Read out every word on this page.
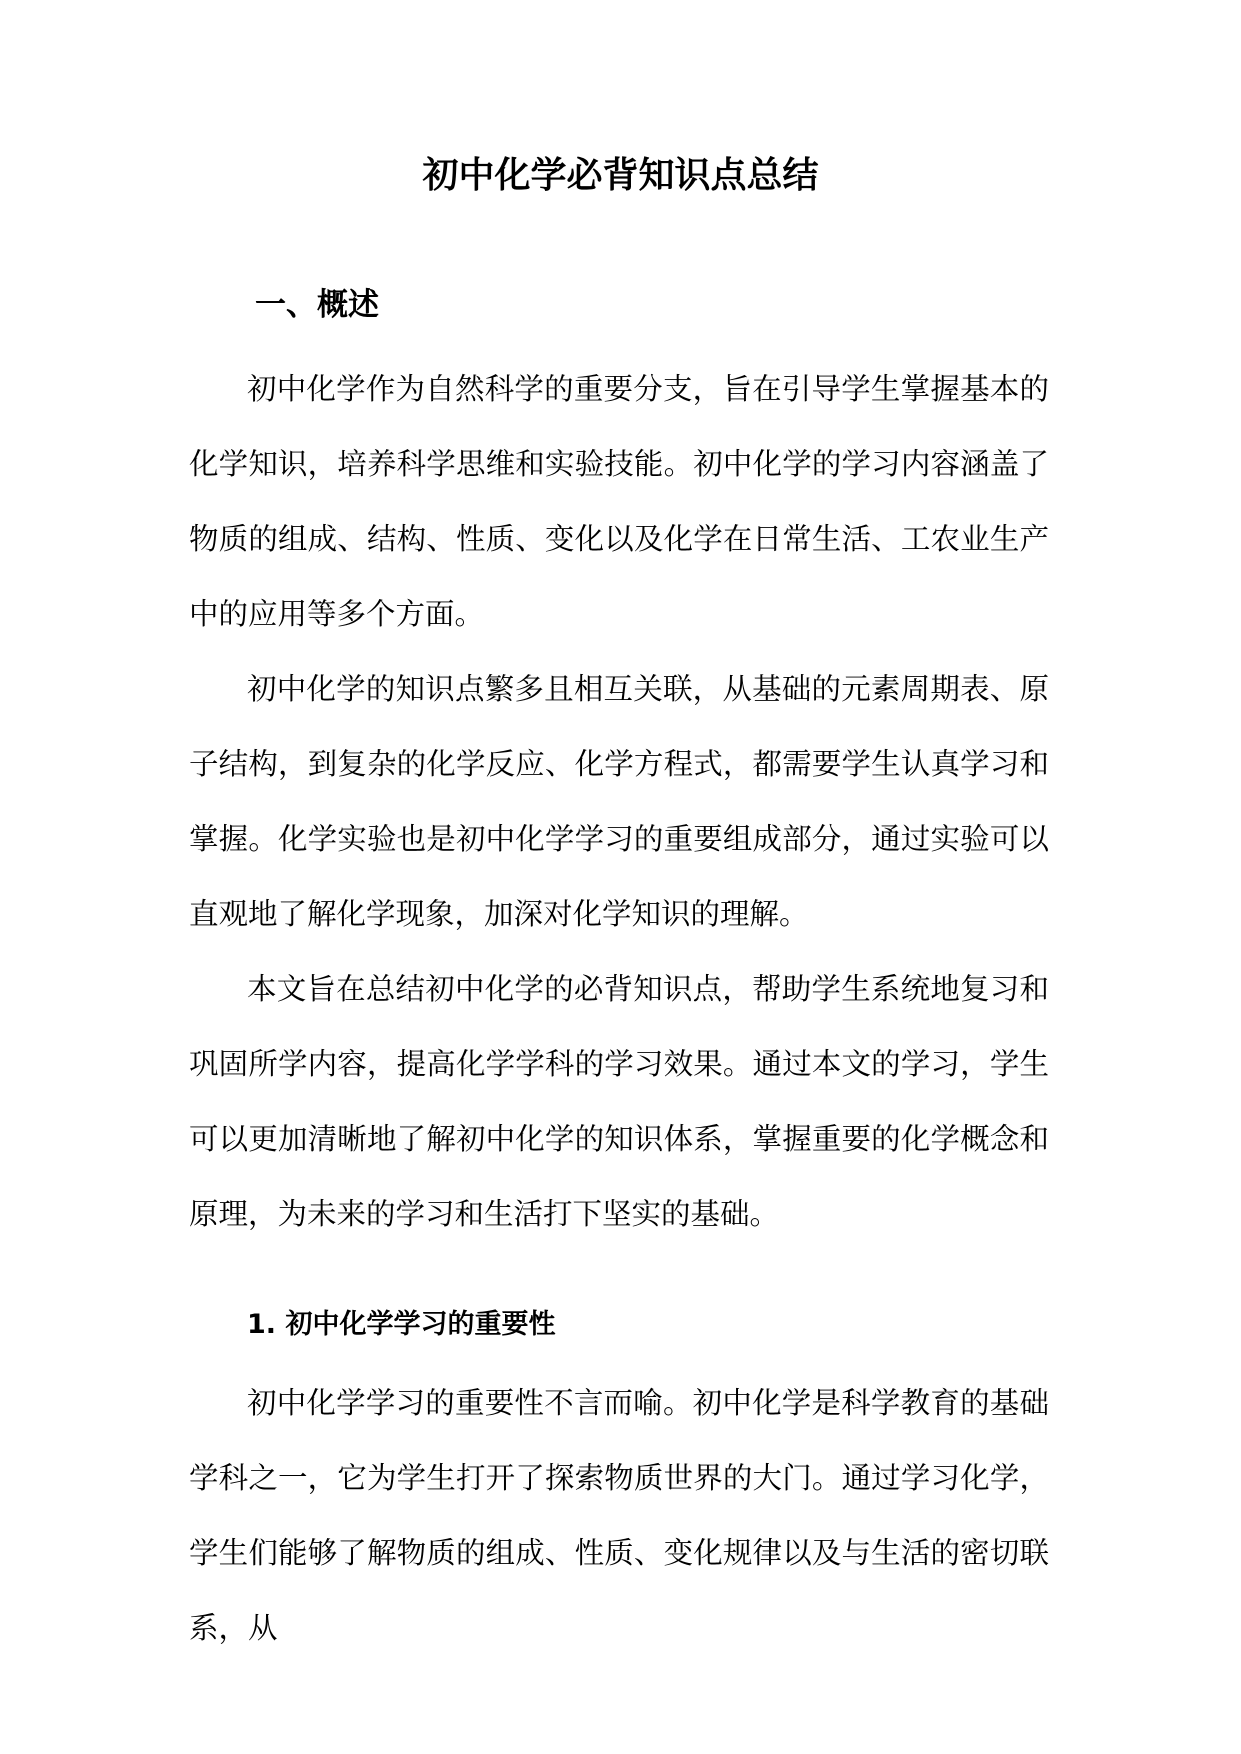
初中化学必背知识点总结
一、概述

初中化学作为自然科学的重要分支，旨在引导学生掌握基本的化学知识，培养科学思维和实验技能。初中化学的学习内容涵盖了物质的组成、结构、性质、变化以及化学在日常生活、工农业生产中的应用等多个方面。

初中化学的知识点繁多且相互关联，从基础的元素周期表、原子结构，到复杂的化学反应、化学方程式，都需要学生认真学习和掌握。化学实验也是初中化学学习的重要组成部分，通过实验可以直观地了解化学现象，加深对化学知识的理解。

本文旨在总结初中化学的必背知识点，帮助学生系统地复习和巩固所学内容，提高化学学科的学习效果。通过本文的学习，学生可以更加清晰地了解初中化学的知识体系，掌握重要的化学概念和原理，为未来的学习和生活打下坚实的基础。

1. 初中化学学习的重要性

初中化学学习的重要性不言而喻。初中化学是科学教育的基础学科之一，它为学生打开了探索物质世界的大门。通过学习化学，学生们能够了解物质的组成、性质、变化规律以及与生活的密切联系，从
